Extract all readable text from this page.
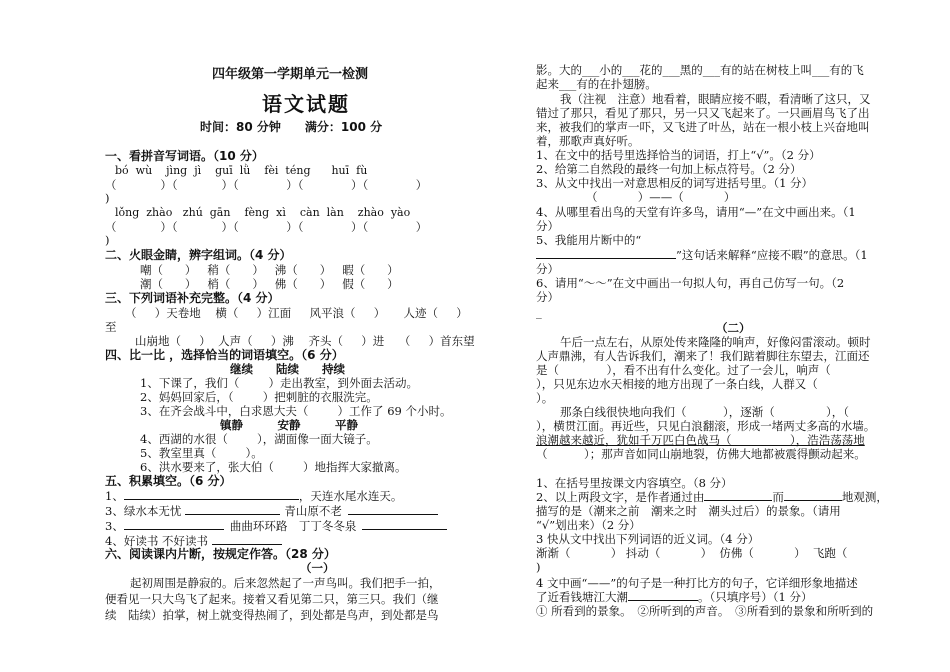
四年级第一学期单元一检测
语文试题
时间：80 分钟　　满分：100 分
一、看拼音写词语。（10 分）
bó  wù    jìng  jì    guī  lǜ    fèi  téng      huī  fù
（            ）（            ）（             ）（             ）（             ）
)
lǒng  zhào   zhú  gān    fèng  xì    càn  làn    zhào  yào
（            ）（            ）（             ）（             ）（             ）
)
二、火眼金睛，辨字组词。（4 分）
嘲（      ）   稍（      ）   沸（      ）   暇（      ）
潮（      ）   梢（      ）   佛（      ）   假（      ）
三、下列词语补充完整。（4 分）
（     ）天卷地    横（     ）江面     风平浪（     ）     人迹（     ）
至
山崩地（     ）  人声（     ）沸    齐头（     ）进    （     ）首东望
四、比一比 ，选择恰当的词语填空。（6 分）
继续　　陆续　　持续
1、下课了，我们（        ）走出教室，到外面去活动。
2、妈妈回家后，（        ）把刺脏的衣服洗完。
3、在齐会战斗中，白求恩大夫（        ）工作了 69 个小时。
镇静　　　安静　　　平静
4、西湖的水很（        ），湖面像一面大镜子。
5、教室里真（        ）。
6、洪水要来了，张大伯（        ）地指挥大家撤离。
五、积累填空。（6 分）
1、	，天连水尾水连天。
3、绿水本无忧	青山原不老
3、	曲曲环环路　丁丁冬冬泉
4、好读书 不好读书
六、阅读课内片断，按规定作答。（28 分）
（一）
起初周围是静寂的。后来忽然起了一声鸟叫。我们把手一拍，
便看见一只大鸟飞了起来。接着又看见第二只，第三只。我们（继
续　陆续）拍掌，树上就变得热闹了，到处都是鸟声，到处都是鸟
影。大的___小的___花的___黑的___有的站在树枝上叫___有的飞
起来___有的在扑翅膀。
我（注视　注意）地看着，眼睛应接不暇，看清晰了这只，又
错过了那只，看见了那只，另一只又飞起来了。一只画眉鸟飞了出
来，被我们的掌声一吓，又飞进了叶丛，站在一根小枝上兴奋地叫
着，那歌声真好听。
1、在文中的括号里选择恰当的词语，打上“√”。（2 分）
2、给第二自然段的最终一句加上标点符号。（2 分）
3、从文中找出一对意思相反的词写进括号里。（1 分）
（           ）——（           ）
4、从哪里看出鸟的天堂有许多鸟，请用“—”在文中画出来。（1
分）
5、我能用片断中的“
”这句话来解释“应接不暇”的意思。（1
分）
6、请用“～～”在文中画出一句拟人句，再自己仿写一句。（2
分）
_
（二）
午后一点左右，从原处传来隆隆的响声，好像闷雷滚动。顿时
人声鼎沸，有人告诉我们，潮来了！我们踮着脚往东望去，江面还
是（             ），看不出有什么变化。过了一会儿，响声（
），只见东边水天相接的地方出现了一条白线，人群又（
）。
那条白线很快地向我们（          ），逐渐（              ），（
），横贯江面。再近些，只见白浪翻滚，形成一堵两丈多高的水墙。
浪潮越来越近，犹如千万匹白色战马（                ），浩浩荡荡地
（          ）；那声音如同山崩地裂，仿佛大地都被震得颤动起来。
1、在括号里按课文内容填空。（8 分）
2、以上两段文字，是作者通过由	而	地观测，
描写的是（潮来之前　潮来之时　潮头过后）的景象。（请用
“√”划出来）（2 分）
3 快从文中找出下列词语的近义词。（4 分）
渐渐（           ） 抖动（           ）  仿佛（           ）  飞跑（
)
4 文中画“——”的句子是一种打比方的句子，它详细形象地描述
了近看钱塘江大潮	。（只填序号）（1 分）
① 所看到的景象。　②所听到的声音。　③所看到的景象和所听到的
